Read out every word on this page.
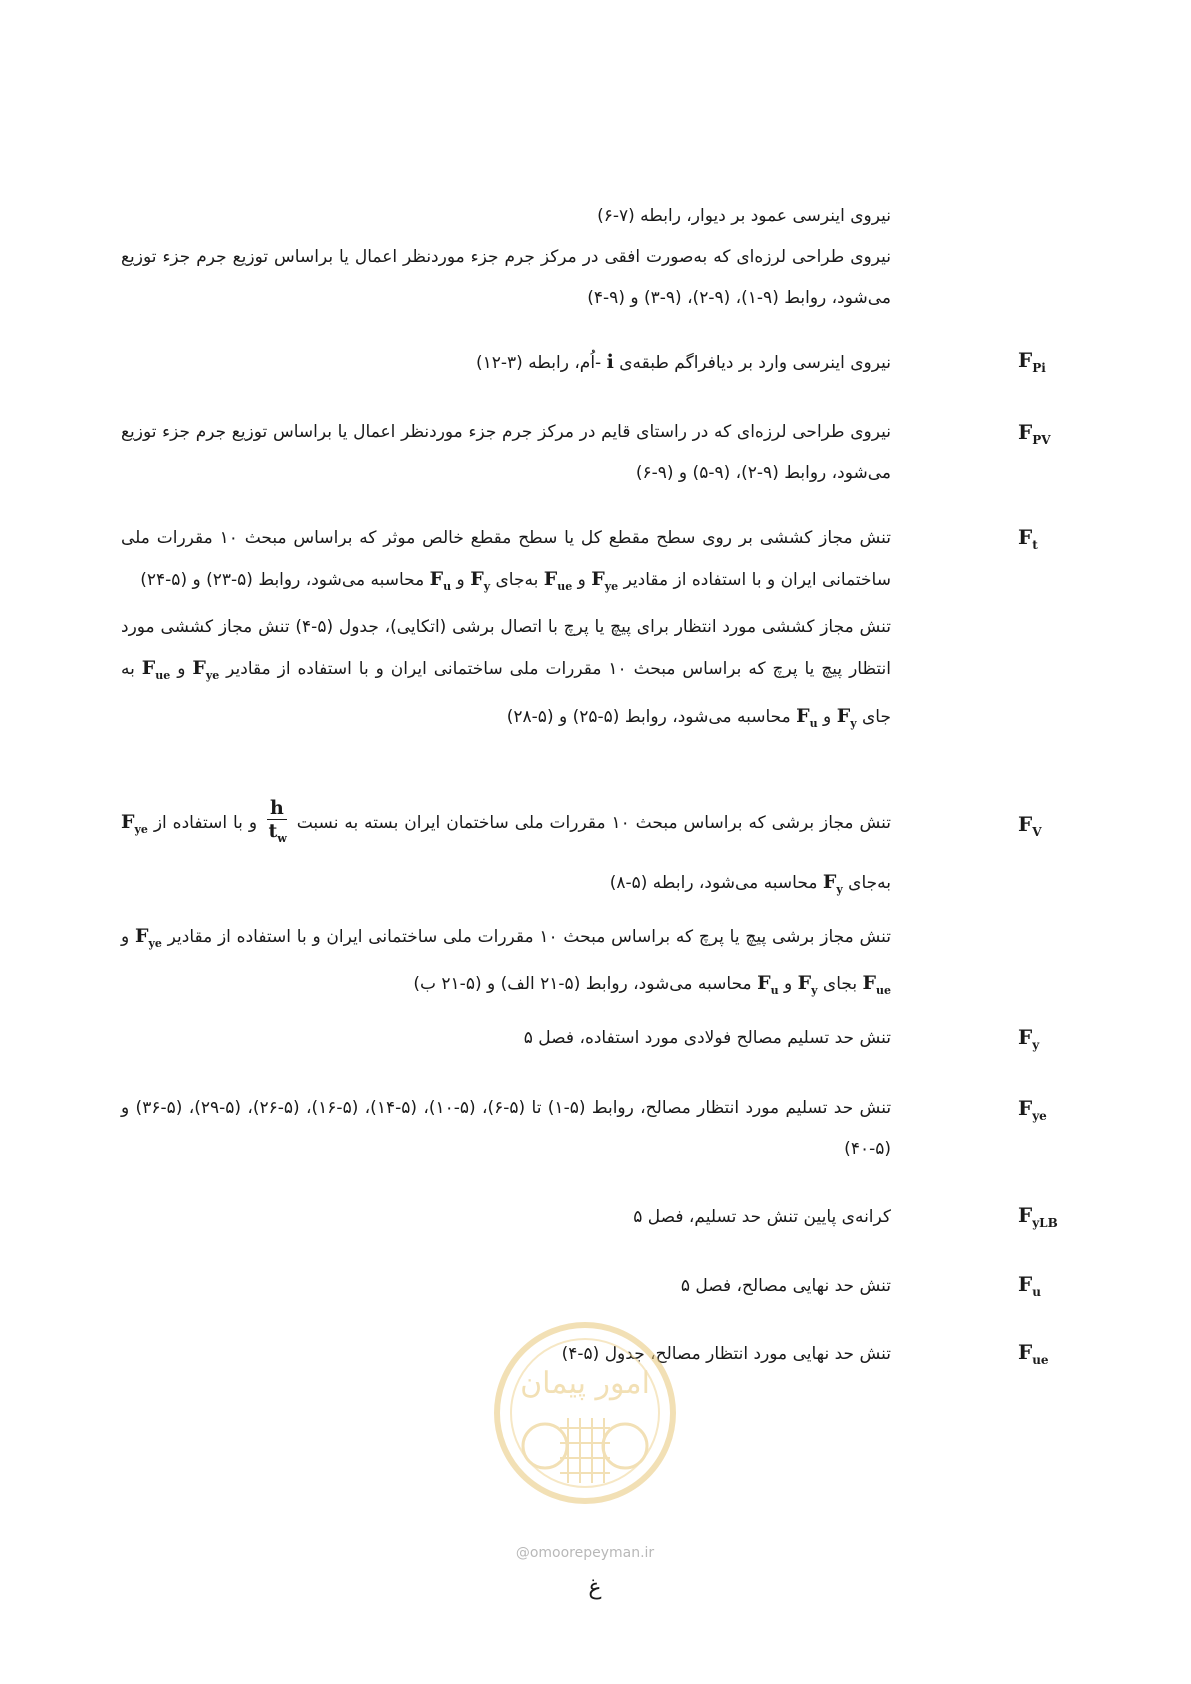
نیروی اینرسی عمود بر دیوار، رابطه (۷-۶)
نیروی طراحی لرزه‌ای که به‌صورت افقی در مرکز جرم جزء موردنظر اعمال یا براساس توزیع جرم جزء توزیع می‌شود، روابط (۹-۱)، (۹-۲)، (۹-۳) و (۹-۴)
$F_{Pi}$
نیروی اینرسی وارد بر دیافراگم طبقه‌ی i -اُم، رابطه (۳-۱۲)
$F_{PV}$
نیروی طراحی لرزه‌ای که در راستای قایم در مرکز جرم جزء موردنظر اعمال یا براساس توزیع جرم جزء توزیع می‌شود، روابط (۹-۲)، (۹-۵) و (۹-۶)
$F_t$
تنش مجاز کششی بر روی سطح مقطع کل یا سطح مقطع خالص موثر که براساس مبحث ۱۰ مقررات ملی ساختمانی ایران و با استفاده از مقادیر $F_{ye}$ و $F_{ue}$ به‌جای $F_y$ و $F_u$ محاسبه می‌شود، روابط (۵-۲۳) و (۵-۲۴)
تنش مجاز کششی مورد انتظار برای پیچ یا پرچ با اتصال برشی (اتکایی)، جدول (۵-۴) تنش مجاز کششی مورد انتظار پیچ یا پرچ که براساس مبحث ۱۰ مقررات ملی ساختمانی ایران و با استفاده از مقادیر $F_{ye}$ و $F_{ue}$ به جای $F_y$ و $F_u$ محاسبه می‌شود، روابط (۵-۲۵) و (۵-۲۸)
$F_V$
تنش مجاز برشی که براساس مبحث ۱۰ مقررات ملی ساختمان ایران بسته به نسبت
$\frac{h}{t_w}$
و با استفاده از $F_{ye}$ به‌جای $F_y$ محاسبه می‌شود، رابطه (۵-۸)
تنش مجاز برشی پیچ یا پرچ که براساس مبحث ۱۰ مقررات ملی ساختمانی ایران و با استفاده از مقادیر $F_{ye}$ و $F_{ue}$ بجای $F_y$ و $F_u$ محاسبه می‌شود، روابط (۵-۲۱ الف) و (۵-۲۱ ب)
$F_y$
تنش حد تسلیم مصالح فولادی مورد استفاده، فصل ۵
$F_{ye}$
تنش حد تسلیم مورد انتظار مصالح، روابط (۵-۱) تا (۵-۶)، (۵-۱۰)، (۵-۱۴)، (۵-۱۶)، (۵-۲۶)، (۵-۲۹)، (۵-۳۶) و (۵-۴۰)
$F_{yLB}$
کرانه‌ی پایین تنش حد تسلیم، فصل ۵
$F_u$
تنش حد نهایی مصالح، فصل ۵
$F_{ue}$
تنش حد نهایی مورد انتظار مصالح، جدول (۵-۴)
امور پیمان
@omoorepeyman.ir
غ
